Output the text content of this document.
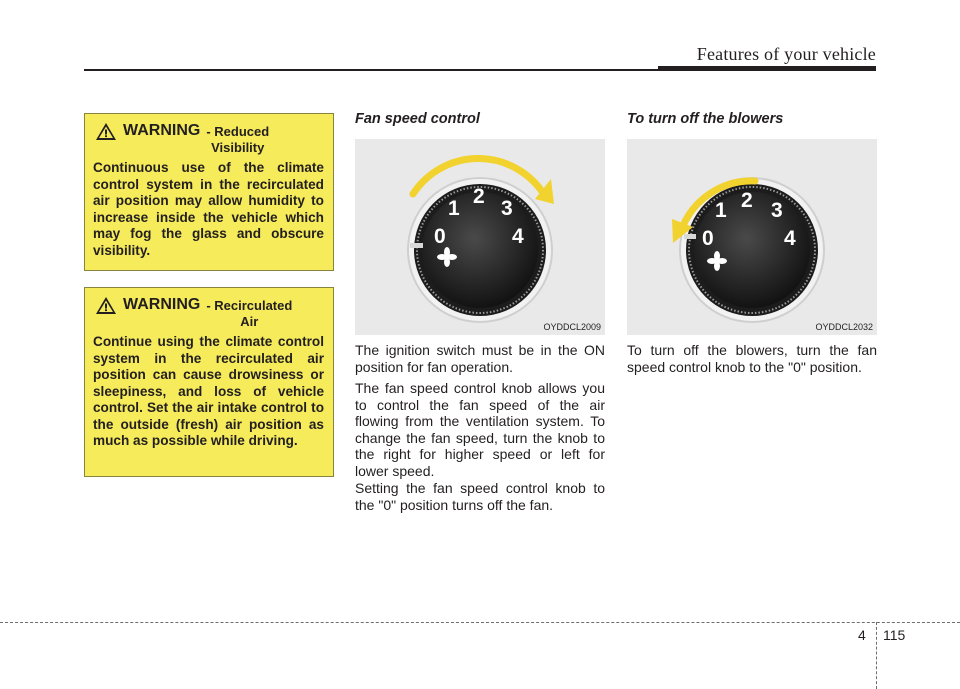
Features of your vehicle
WARNING - Reduced
Visibility

Continuous use of the climate control system in the recirculated air position may allow humidity to increase inside the vehicle which may fog the glass and obscure visibility.

WARNING - Recirculated
Air

Continue using the climate control system in the recirculated air position can cause drowsiness or sleepiness, and loss of vehicle control. Set the air intake control to the outside (fresh) air position as much as possible while driving.

Fan speed control
1
2
3
0	4
OYDDCL2009

The ignition switch must be in the ON position for fan operation.

The fan speed control knob allows you to control the fan speed of the air flowing from the ventilation system. To change the fan speed, turn the knob to the right for higher speed or left for lower speed.

Setting the fan speed control knob to the "0" position turns off the fan.

To turn off the blowers
1 2 3
0	4
OYDDCL2032

To turn off the blowers, turn the fan speed control knob to the "0" position.

4 115
